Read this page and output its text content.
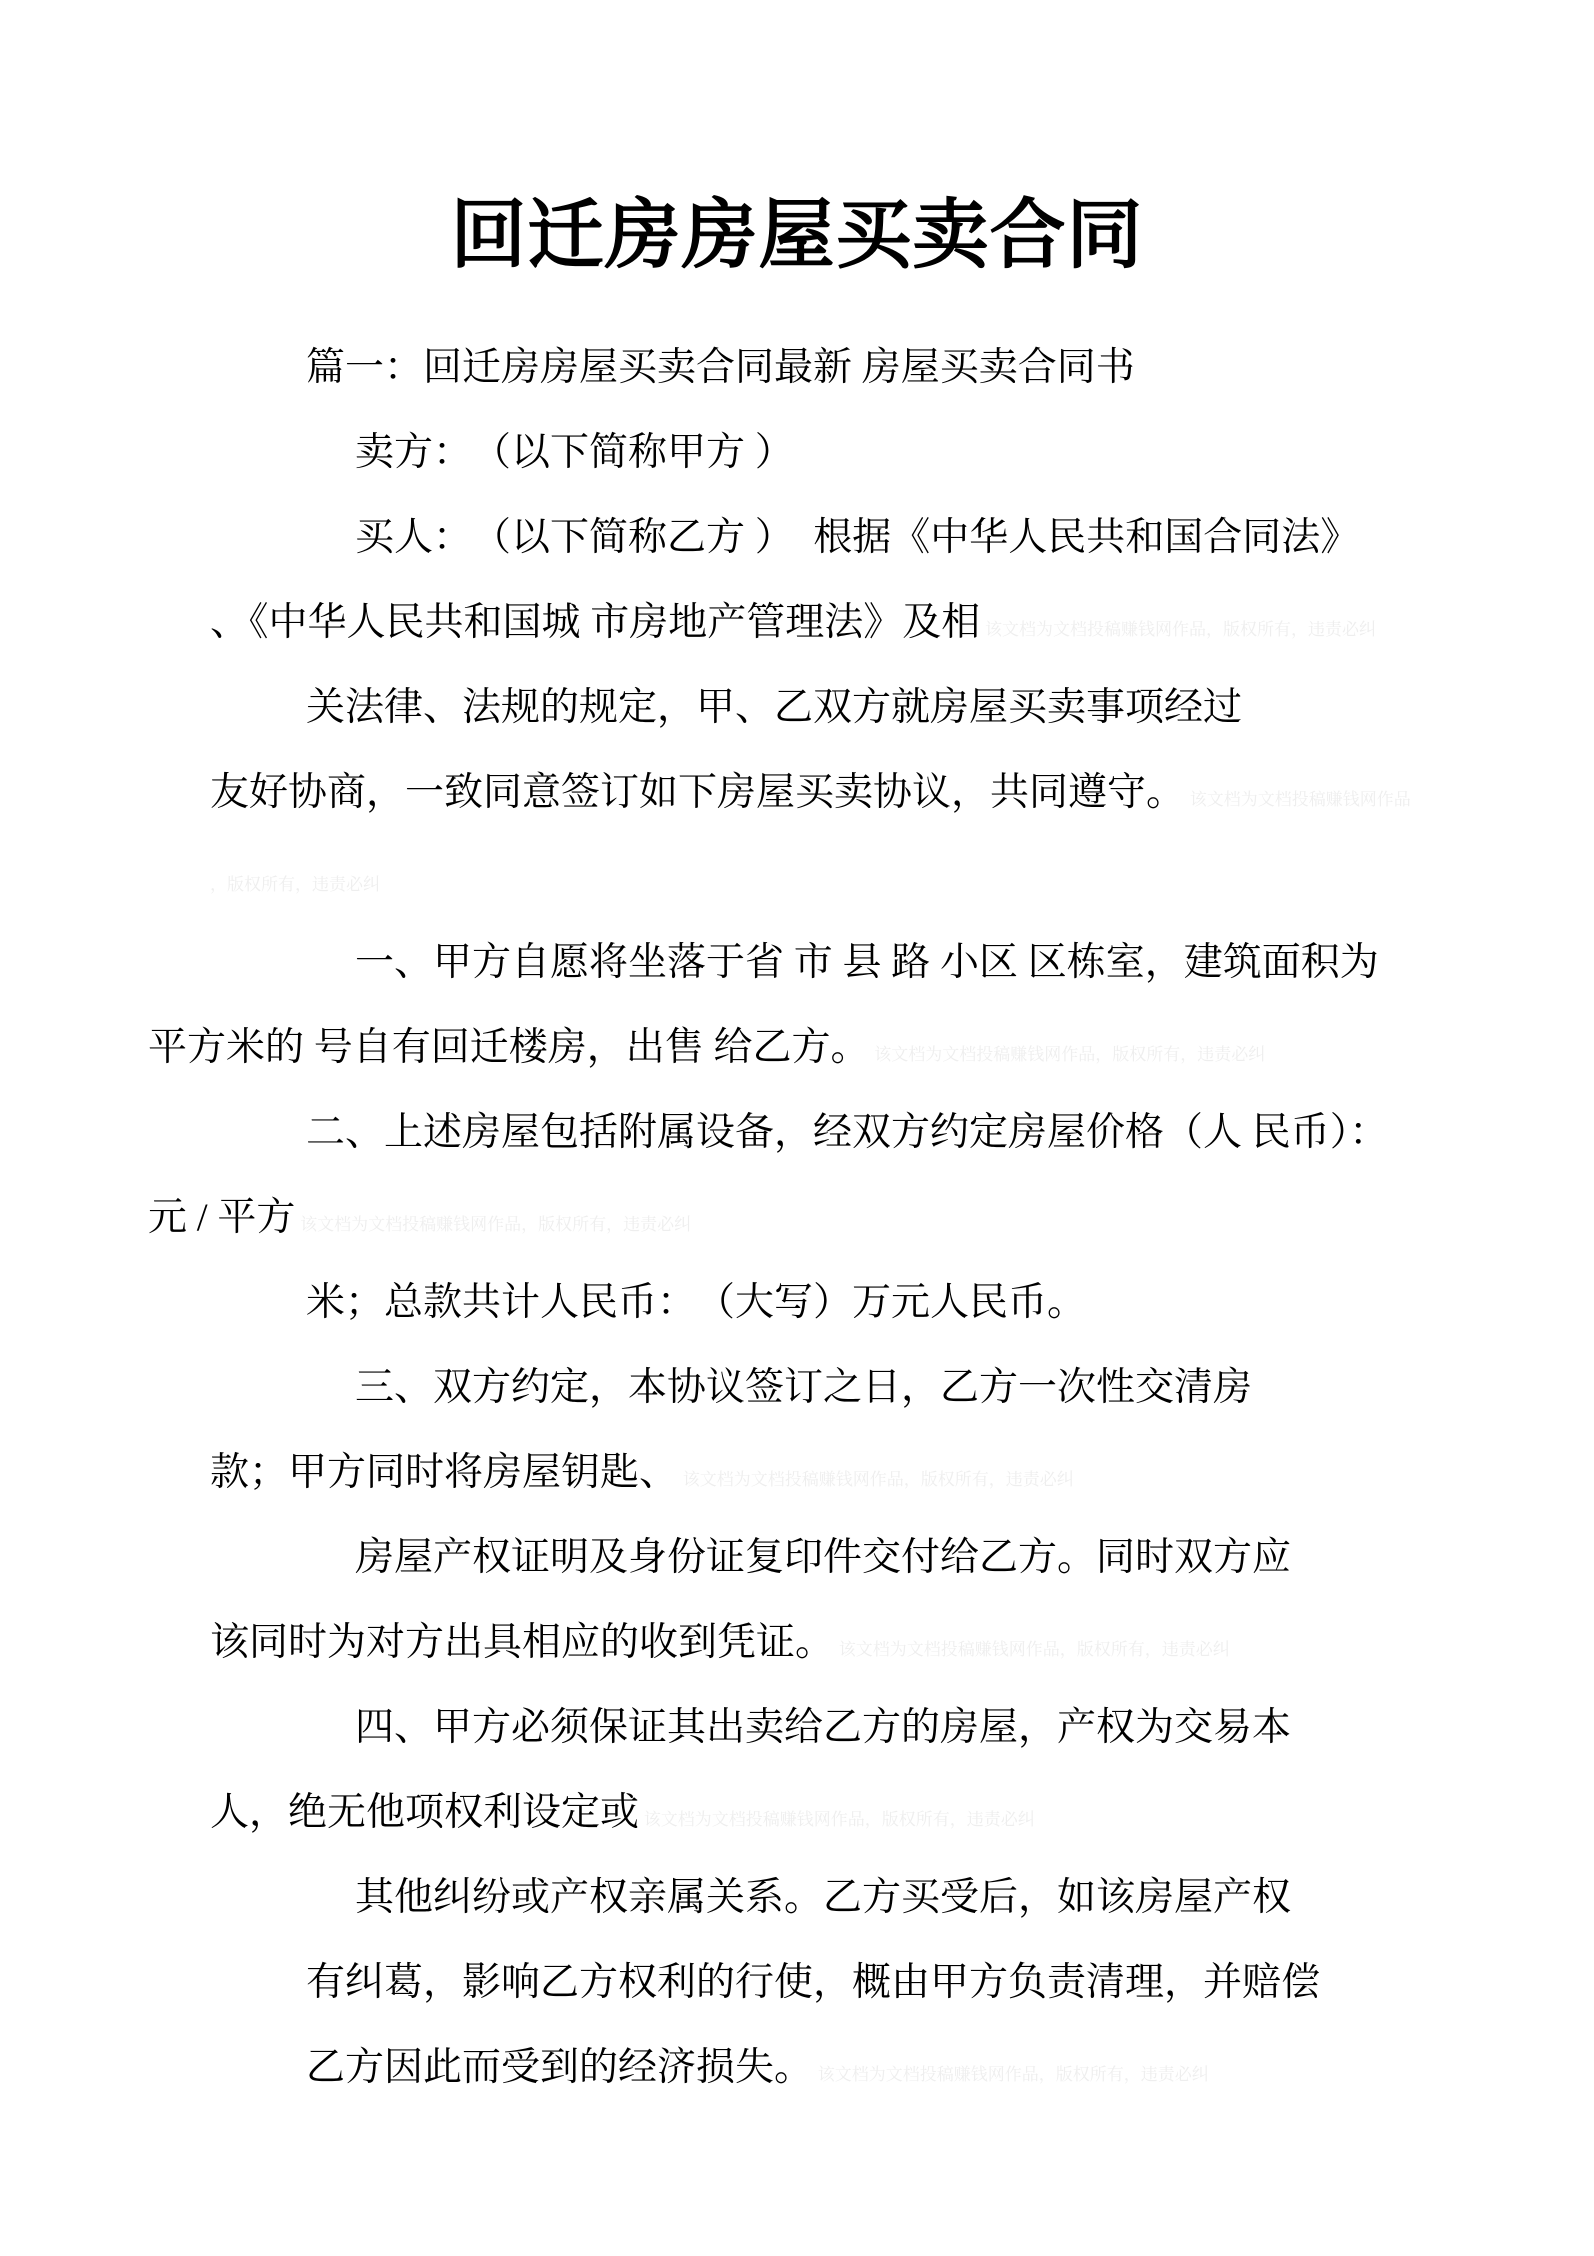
回迁房房屋买卖合同
篇一：回迁房房屋买卖合同最新 房屋买卖合同书
卖方：　（以下简称甲方 ）
买人：　（以下简称乙方 ）　根据《中华人民共和国合同法》
、《中华人民共和国城 市房地产管理法》及相 该文档为文档投稿赚钱网作品，版权所有，违责必纠
关法律、法规的规定，甲、乙双方就房屋买卖事项经过
友好协商，一致同意签订如下房屋买卖协议，共同遵守。 该文档为文档投稿赚钱网作品
，版权所有，违责必纠
一、甲方自愿将坐落于省 市 县 路 小区 区栋室，建筑面积为
平方米的 号自有回迁楼房，出售 给乙方。 该文档为文档投稿赚钱网作品，版权所有，违责必纠
二、上述房屋包括附属设备，经双方约定房屋价格（人 民币）：
元 / 平方 该文档为文档投稿赚钱网作品，版权所有，违责必纠
米；总款共计人民币：　（大写）万元人民币。
三、双方约定，本协议签订之日，乙方一次性交清房
款；甲方同时将房屋钥匙、 该文档为文档投稿赚钱网作品，版权所有，违责必纠
房屋产权证明及身份证复印件交付给乙方。同时双方应
该同时为对方出具相应的收到凭证。 该文档为文档投稿赚钱网作品，版权所有，违责必纠
四、甲方必须保证其出卖给乙方的房屋，产权为交易本
人，绝无他项权利设定或 该文档为文档投稿赚钱网作品，版权所有，违责必纠
其他纠纷或产权亲属关系。乙方买受后，如该房屋产权
有纠葛，影响乙方权利的行使，概由甲方负责清理，并赔偿
乙方因此而受到的经济损失。 该文档为文档投稿赚钱网作品，版权所有，违责必纠
